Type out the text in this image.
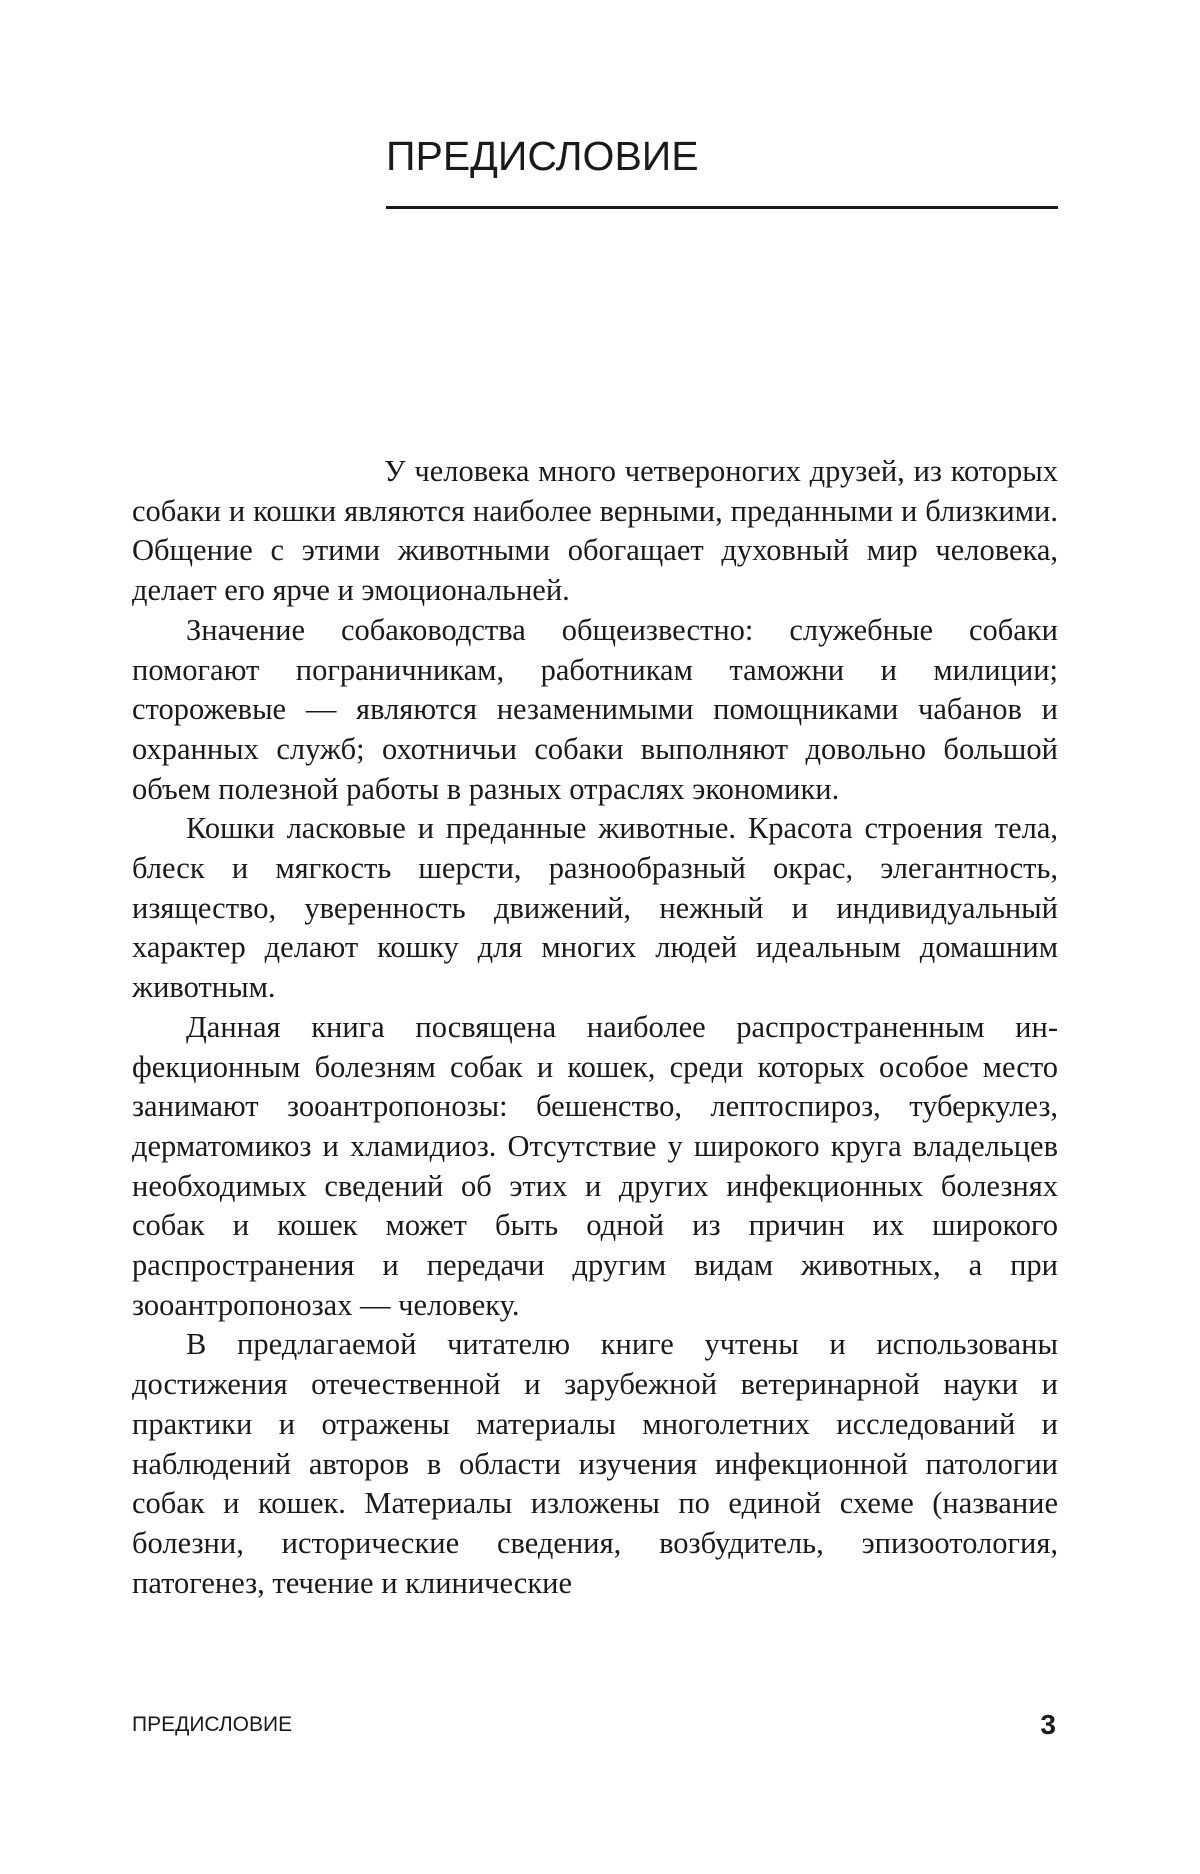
ПРЕДИСЛОВИЕ

У человека много четвероногих друзей, из которых собаки и кошки являются наиболее верными, преданными и близкими. Общение с этими животными обогащает духовный мир человека, делает его ярче и эмоциональней.

Значение собаководства общеизвестно: служебные собаки помогают пограничникам, работникам таможни и милиции; сторожевые — являются незаменимыми помощниками чабанов и охранных служб; охотничьи собаки выполняют довольно большой объем полезной работы в разных отраслях экономики.

Кошки ласковые и преданные животные. Красота строения тела, блеск и мягкость шерсти, разнообразный окрас, элегантность, изящество, уверенность движений, нежный и индивидуальный характер делают кошку для многих людей идеальным домашним животным.

Данная книга посвящена наиболее распространенным инфекционным болезням собак и кошек, среди которых особое место занимают зооантропонозы: бешенство, лептоспироз, туберкулез, дерматомикоз и хламидиоз. Отсутствие у широкого круга владельцев необходимых сведений об этих и других инфекционных болезнях собак и кошек может быть одной из причин их широкого распространения и передачи другим видам животных, а при зооантропонозах — человеку.

В предлагаемой читателю книге учтены и использованы достижения отечественной и зарубежной ветеринарной науки и практики и отражены материалы многолетних исследований и наблюдений авторов в области изучения инфекционной патологии собак и кошек. Материалы изложены по единой схеме (название болезни, исторические сведения, возбудитель, эпизоотология, патогенез, течение и клинические

ПРЕДИСЛОВИЕ	3
